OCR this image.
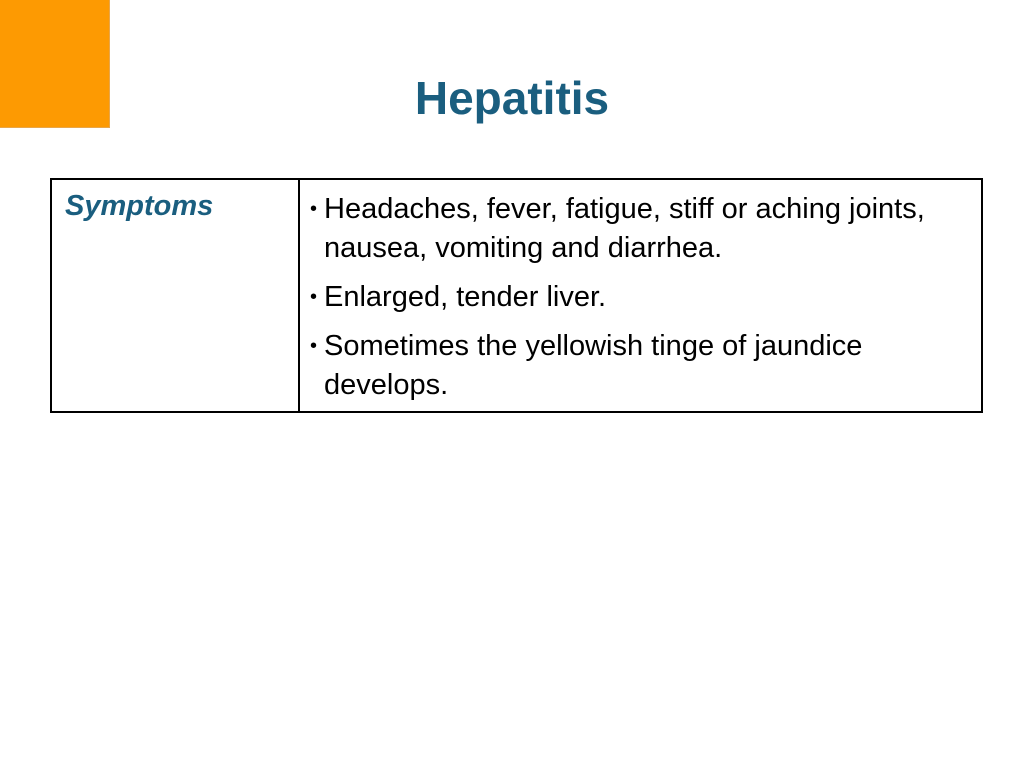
Hepatitis
Symptoms	• Headaches, fever, fatigue, stiff or aching joints, nausea, vomiting and diarrhea.
• Enlarged, tender liver.
• Sometimes the yellowish tinge of jaundice develops.
